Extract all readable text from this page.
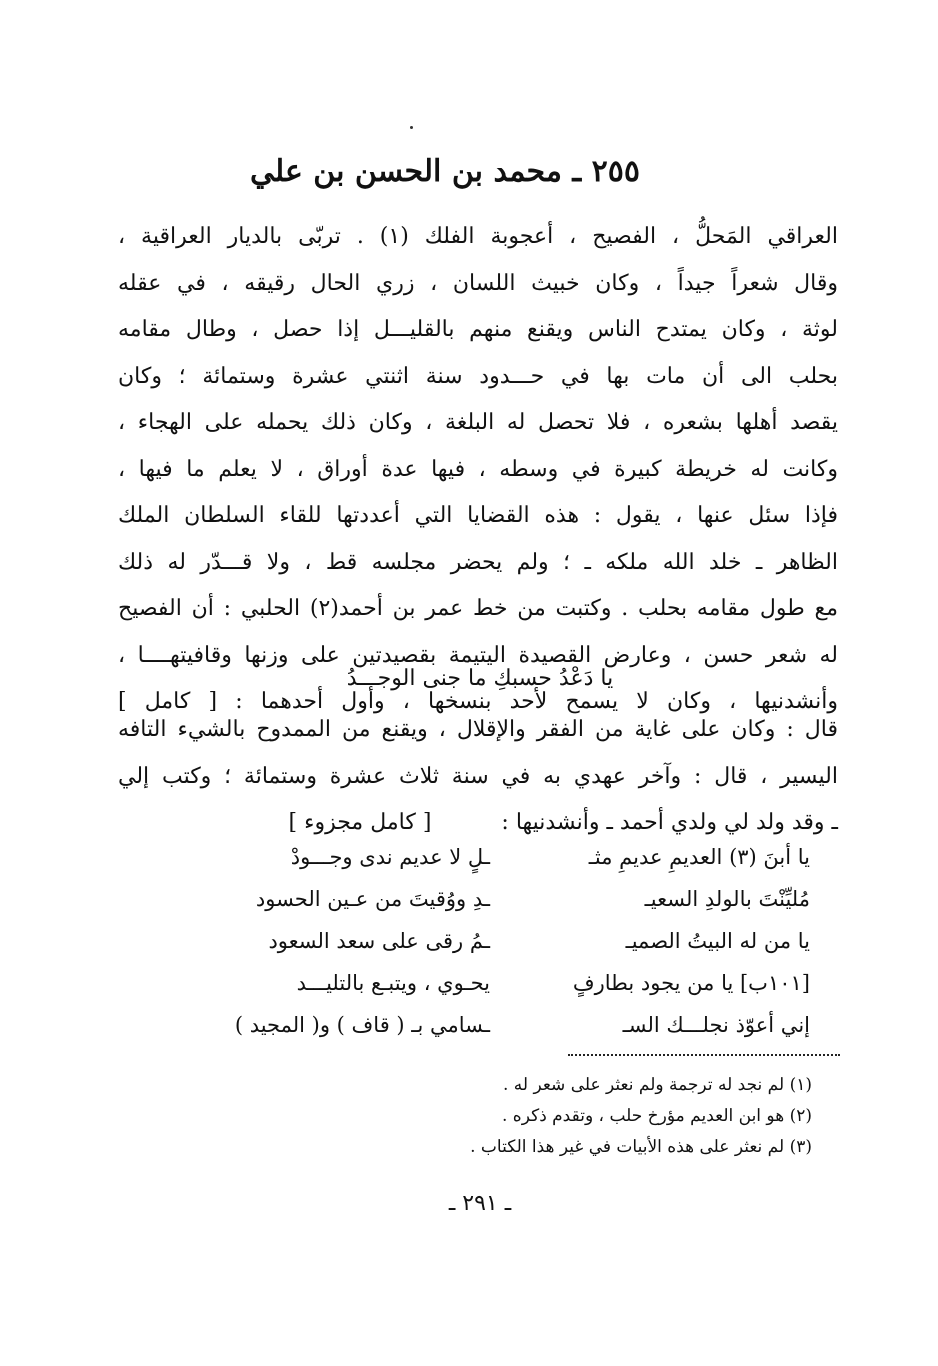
٢٥٥ ـ محمد بن الحسن بن علي
العراقي المَحلُّ ، الفصيح ، أعجوبة الفلك (١) . تربّى بالديار العراقية ،
وقال شعراً جيداً ، وكان خبيث اللسان ، زري الحال رقيقه ، في عقله
لوثة ، وكان يمتدح الناس ويقنع منهم بالقليـــل إذا حصل ، وطال مقامه
بحلب الى أن مات بها في حـــدود سنة اثنتي عشرة وستمائة ؛ وكان
يقصد أهلها بشعره ، فلا تحصل له البلغة ، وكان ذلك يحمله على الهجاء ،
وكانت له خريطة كبيرة في وسطه ، فيها عدة أوراق ، لا يعلم ما فيها ،
فإذا سئل عنها ، يقول : هذه القضايا التي أعددتها للقاء السلطان الملك
الظاهر ـ خلد الله ملكه ـ ؛ ولم يحضر مجلسه قط ، ولا قـــدّر له ذلك
مع طول مقامه بحلب . وكتبت من خط عمر بن أحمد(٢) الحلبي : أن الفصيح
له شعر حسن ، وعارض القصيدة اليتيمة بقصيدتين على وزنها وقافيتهــــا ،
وأنشدنيها ، وكان لا يسمح لأحد بنسخها ، وأول أحدهما : [ كامل ]
يا دَعْدُ حسبكِ ما جنى الوجـــدُ
قال : وكان على غاية من الفقر والإقلال ، ويقنع من الممدوح بالشيء التافه
اليسير ، قال : وآخر عهدي به في سنة ثلاث عشرة وستمائة ؛ وكتب إلي
ـ وقد ولد لي ولدي أحمد ـ وأنشدنيها :[ كامل مجزوء ]
يا أبنَ (٣) العديمِ عديمِ مثـ
ـلٍ لا عديم ندى وجـــودْ
مُليِّنْتَ بالولدِ السعيـ
ـدِ ووُقيتَ من عـين الحسود
يا من له البيتُ الصميـ
ـمُ رقى على سعد السعود
[١٠١ب] يا من يجود بطارفٍ
يحـوي ، ويتبـع بالتليـــد
إني أعوّذ نجلـــك السـ
ـسامي بـ ( قاف ) و( المجيد )
(١) لم نجد له ترجمة ولم نعثر على شعر له .
(٢) هو ابن العديم مؤرخ حلب ، وتقدم ذكره .
(٣) لم نعثر على هذه الأبيات في غير هذا الكتاب .
ـ ٢٩١ ـ
